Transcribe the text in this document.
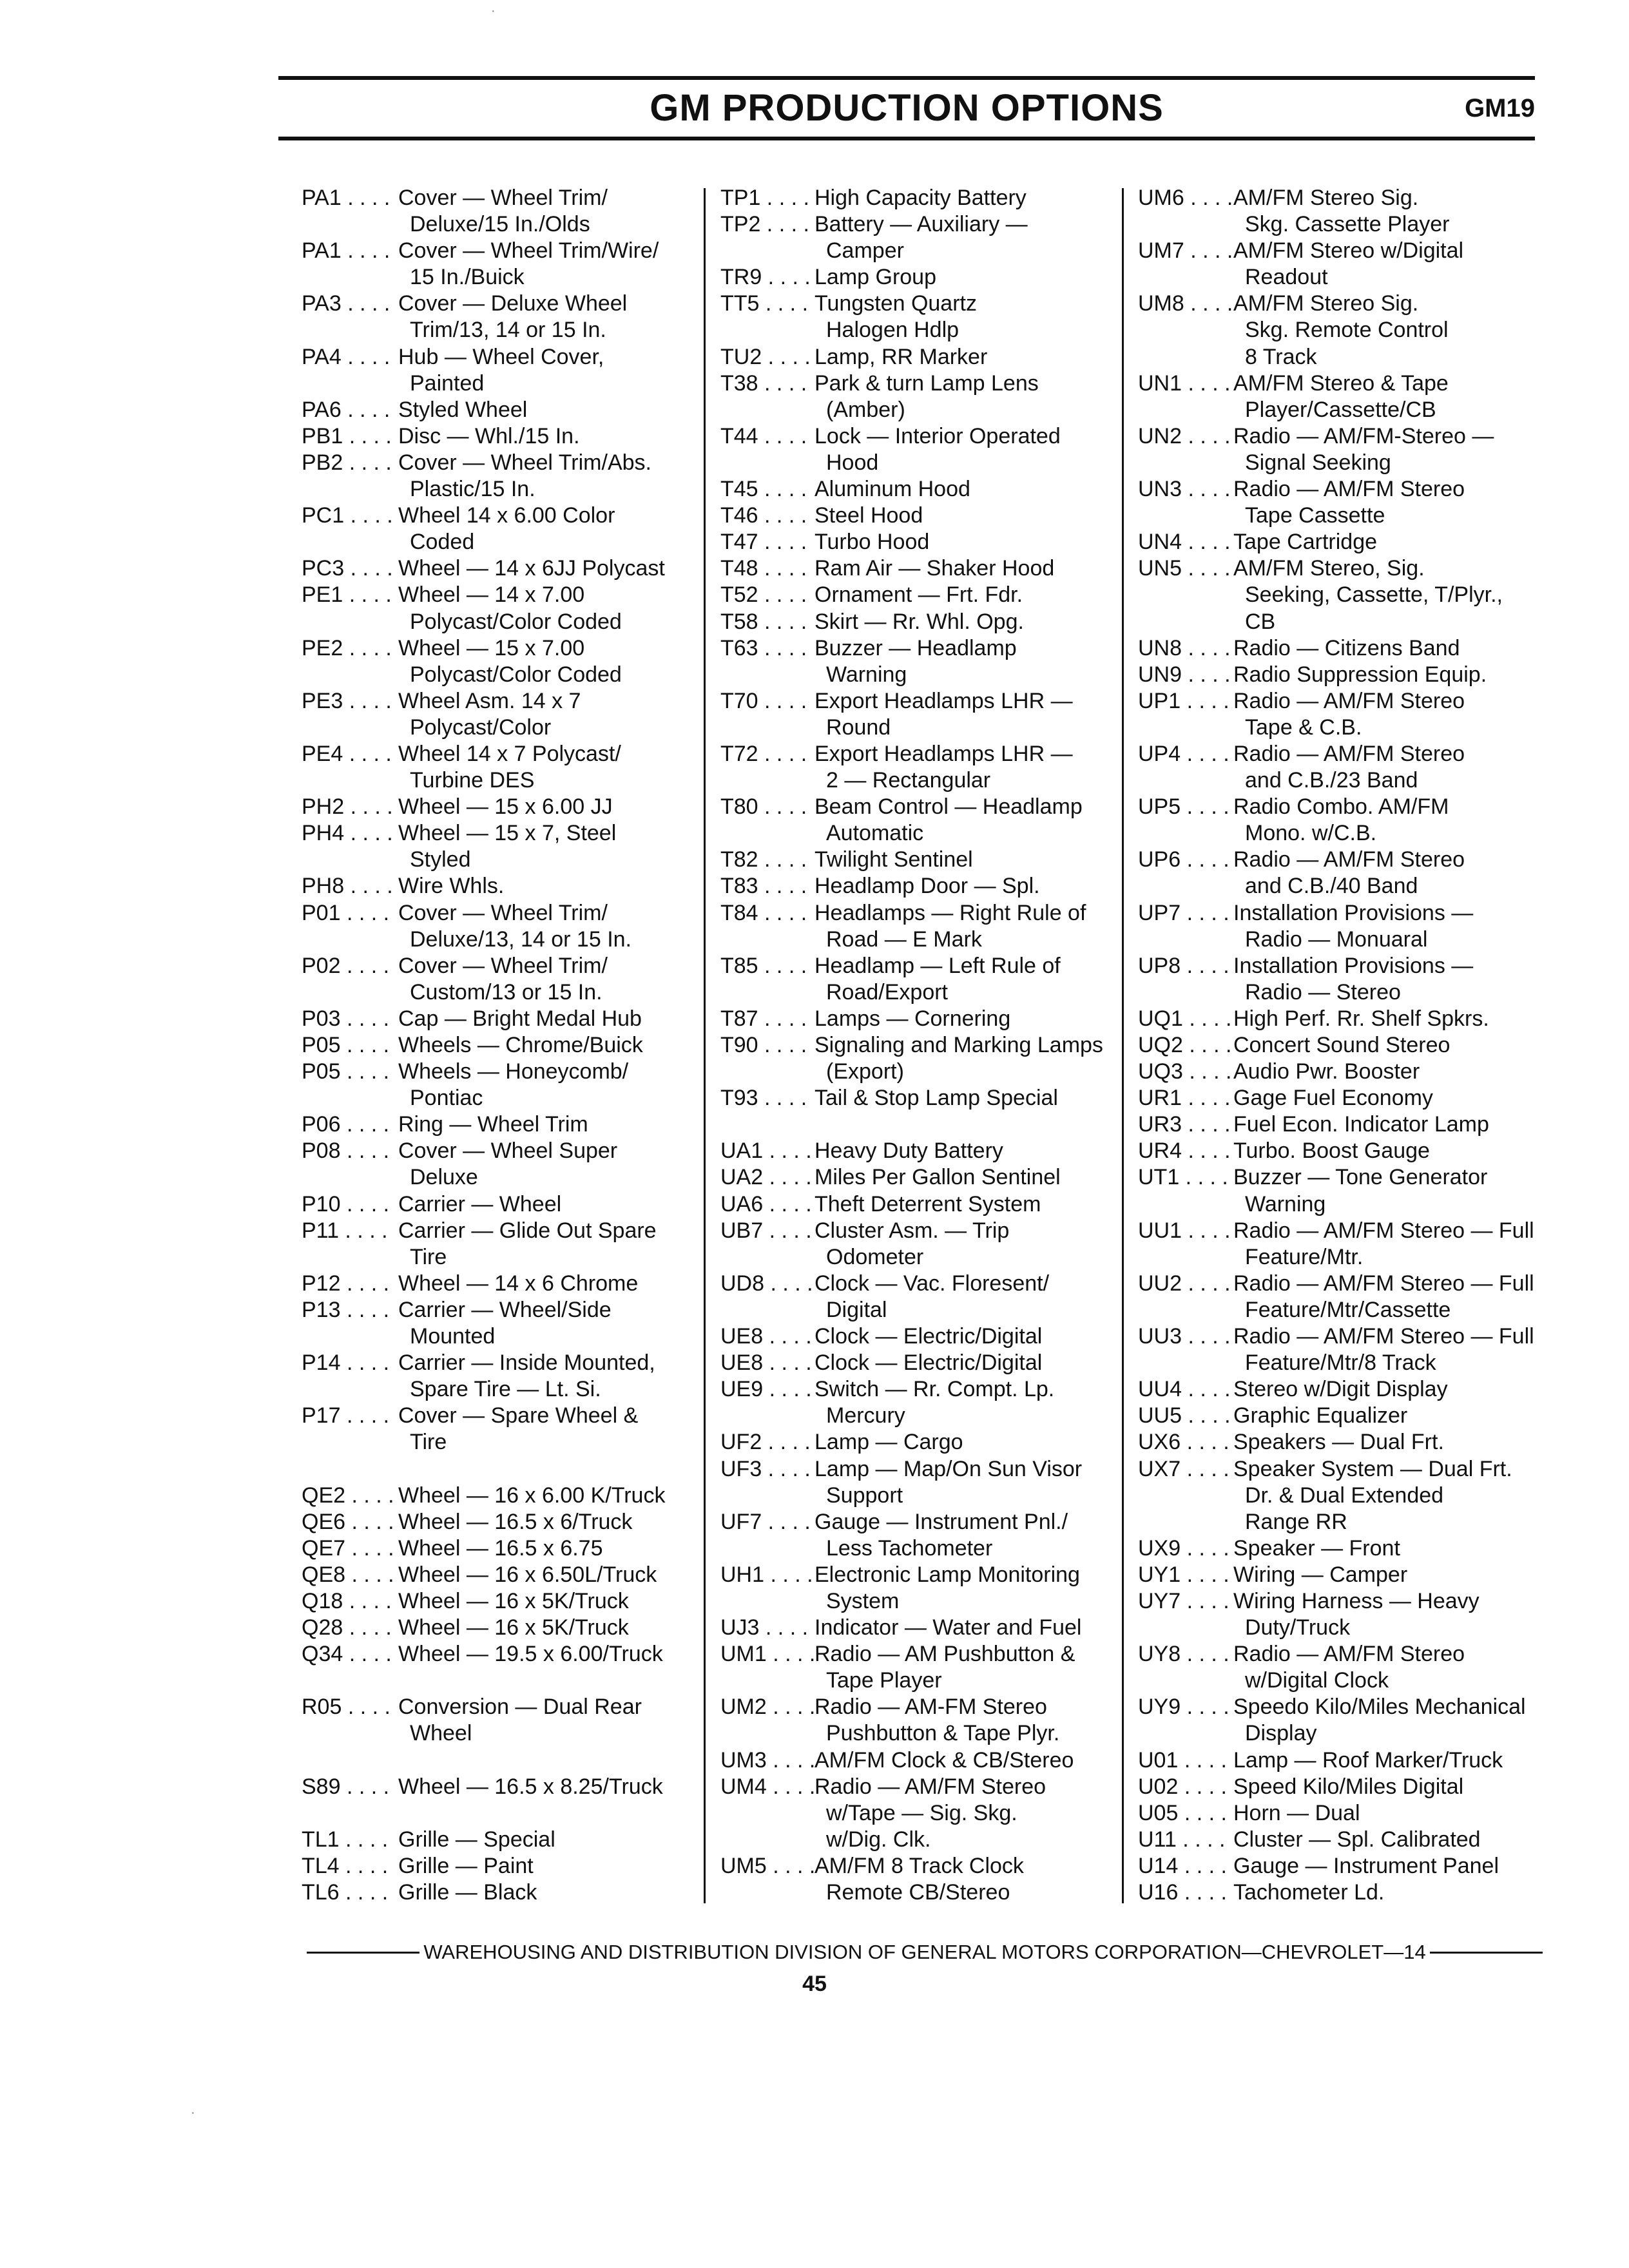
GM PRODUCTION OPTIONS	GM19
PA1 . . . . Cover — Wheel Trim/
Deluxe/15 In./Olds
PA1 . . . . Cover — Wheel Trim/Wire/
15 In./Buick
PA3 . . . . Cover — Deluxe Wheel
Trim/13, 14 or 15 In.
PA4 . . . . Hub — Wheel Cover,
Painted
PA6 . . . . Styled Wheel
PB1 . . . . Disc — Whl./15 In.
PB2 . . . . Cover — Wheel Trim/Abs.
Plastic/15 In.
PC1 . . . . Wheel 14 x 6.00 Color
Coded
PC3 . . . . Wheel — 14 x 6JJ Polycast
PE1 . . . . Wheel — 14 x 7.00
Polycast/Color Coded
PE2 . . . . Wheel — 15 x 7.00
Polycast/Color Coded
PE3 . . . . Wheel Asm. 14 x 7
Polycast/Color
PE4 . . . . Wheel 14 x 7 Polycast/
Turbine DES
PH2 . . . . Wheel — 15 x 6.00 JJ
PH4 . . . . Wheel — 15 x 7, Steel
Styled
PH8 . . . . Wire Whls.
P01 . . . . Cover — Wheel Trim/
Deluxe/13, 14 or 15 In.
P02 . . . . Cover — Wheel Trim/
Custom/13 or 15 In.
P03 . . . . Cap — Bright Medal Hub
P05 . . . . Wheels — Chrome/Buick
P05 . . . . Wheels — Honeycomb/
Pontiac
P06 . . . . Ring — Wheel Trim
P08 . . . . Cover — Wheel Super
Deluxe
P10 . . . . Carrier — Wheel
P11 . . . . Carrier — Glide Out Spare
Tire
P12 . . . . Wheel — 14 x 6 Chrome
P13 . . . . Carrier — Wheel/Side
Mounted
P14 . . . . Carrier — Inside Mounted,
Spare Tire — Lt. Si.
P17 . . . . Cover — Spare Wheel &
Tire
QE2 . . . . Wheel — 16 x 6.00 K/Truck
QE6 . . . . Wheel — 16.5 x 6/Truck
QE7 . . . . Wheel — 16.5 x 6.75
QE8 . . . . Wheel — 16 x 6.50L/Truck
Q18 . . . . Wheel — 16 x 5K/Truck
Q28 . . . . Wheel — 16 x 5K/Truck
Q34 . . . . Wheel — 19.5 x 6.00/Truck
R05 . . . . Conversion — Dual Rear
Wheel
S89 . . . . Wheel — 16.5 x 8.25/Truck
TL1 . . . . Grille — Special
TL4 . . . . Grille — Paint
TL6 . . . . Grille — Black
TP1 . . . . High Capacity Battery
TP2 . . . . Battery — Auxiliary —
Camper
TR9 . . . . Lamp Group
TT5 . . . . Tungsten Quartz
Halogen Hdlp
TU2 . . . . Lamp, RR Marker
T38 . . . . Park & turn Lamp Lens
(Amber)
T44 . . . . Lock — Interior Operated
Hood
T45 . . . . Aluminum Hood
T46 . . . . Steel Hood
T47 . . . . Turbo Hood
T48 . . . . Ram Air — Shaker Hood
T52 . . . . Ornament — Frt. Fdr.
T58 . . . . Skirt — Rr. Whl. Opg.
T63 . . . . Buzzer — Headlamp
Warning
T70 . . . . Export Headlamps LHR —
Round
T72 . . . . Export Headlamps LHR —
2 — Rectangular
T80 . . . . Beam Control — Headlamp
Automatic
T82 . . . . Twilight Sentinel
T83 . . . . Headlamp Door — Spl.
T84 . . . . Headlamps — Right Rule of
Road — E Mark
T85 . . . . Headlamp — Left Rule of
Road/Export
T87 . . . . Lamps — Cornering
T90 . . . . Signaling and Marking Lamps
(Export)
T93 . . . . Tail & Stop Lamp Special
UA1 . . . . Heavy Duty Battery
UA2 . . . . Miles Per Gallon Sentinel
UA6 . . . . Theft Deterrent System
UB7 . . . . Cluster Asm. — Trip
Odometer
UD8 . . . . Clock — Vac. Floresent/
Digital
UE8 . . . . Clock — Electric/Digital
UE8 . . . . Clock — Electric/Digital
UE9 . . . . Switch — Rr. Compt. Lp.
Mercury
UF2 . . . . Lamp — Cargo
UF3 . . . . Lamp — Map/On Sun Visor
Support
UF7 . . . . Gauge — Instrument Pnl./
Less Tachometer
UH1 . . . . Electronic Lamp Monitoring
System
UJ3 . . . . Indicator — Water and Fuel
UM1 . . . .
Radio — AM Pushbutton &
Tape Player
UM2 . . . .
Radio — AM-FM Stereo
Pushbutton & Tape Plyr.
UM3 . . . .
AM/FM Clock & CB/Stereo
UM4 . . . .
Radio — AM/FM Stereo
w/Tape — Sig. Skg.
w/Dig. Clk.
UM5 . . . .
AM/FM 8 Track Clock
Remote CB/Stereo
UM6 . . . . AM/FM Stereo Sig.
Skg. Cassette Player
UM7 . . . . AM/FM Stereo w/Digital
Readout
UM8 . . . . AM/FM Stereo Sig.
Skg. Remote Control
8 Track
UN1 . . . . AM/FM Stereo & Tape
Player/Cassette/CB
UN2 . . . . Radio — AM/FM-Stereo —
Signal Seeking
UN3 . . . . Radio — AM/FM Stereo
Tape Cassette
UN4 . . . . Tape Cartridge
UN5 . . . . AM/FM Stereo, Sig.
Seeking, Cassette, T/Plyr.,
CB
UN8 . . . . Radio — Citizens Band
UN9 . . . . Radio Suppression Equip.
UP1 . . . . Radio — AM/FM Stereo
Tape & C.B.
UP4 . . . . Radio — AM/FM Stereo
and C.B./23 Band
UP5 . . . . Radio Combo. AM/FM
Mono. w/C.B.
UP6 . . . . Radio — AM/FM Stereo
and C.B./40 Band
UP7 . . . . Installation Provisions —
Radio — Monuaral
UP8 . . . . Installation Provisions —
Radio — Stereo
UQ1 . . . . High Perf. Rr. Shelf Spkrs.
UQ2 . . . . Concert Sound Stereo
UQ3 . . . . Audio Pwr. Booster
UR1 . . . . Gage Fuel Economy
UR3 . . . . Fuel Econ. Indicator Lamp
UR4 . . . . Turbo. Boost Gauge
UT1 . . . . Buzzer — Tone Generator
Warning
UU1 . . . . Radio — AM/FM Stereo — Full
Feature/Mtr.
UU2 . . . . Radio — AM/FM Stereo — Full
Feature/Mtr/Cassette
UU3 . . . . Radio — AM/FM Stereo — Full
Feature/Mtr/8 Track
UU4 . . . . Stereo w/Digit Display
UU5 . . . . Graphic Equalizer
UX6 . . . . Speakers — Dual Frt.
UX7 . . . . Speaker System — Dual Frt.
Dr. & Dual Extended
Range RR
UX9 . . . . Speaker — Front
UY1 . . . . Wiring — Camper
UY7 . . . . Wiring Harness — Heavy
Duty/Truck
UY8 . . . . Radio — AM/FM Stereo
w/Digital Clock
UY9 . . . . Speedo Kilo/Miles Mechanical
Display
U01 . . . . Lamp — Roof Marker/Truck
U02 . . . . Speed Kilo/Miles Digital
U05 . . . . Horn — Dual
U11 . . . . Cluster — Spl. Calibrated
U14 . . . . Gauge — Instrument Panel
U16 . . . . Tachometer Ld.
WAREHOUSING AND DISTRIBUTION DIVISION OF GENERAL MOTORS CORPORATION—CHEVROLET—14
45
·
·
